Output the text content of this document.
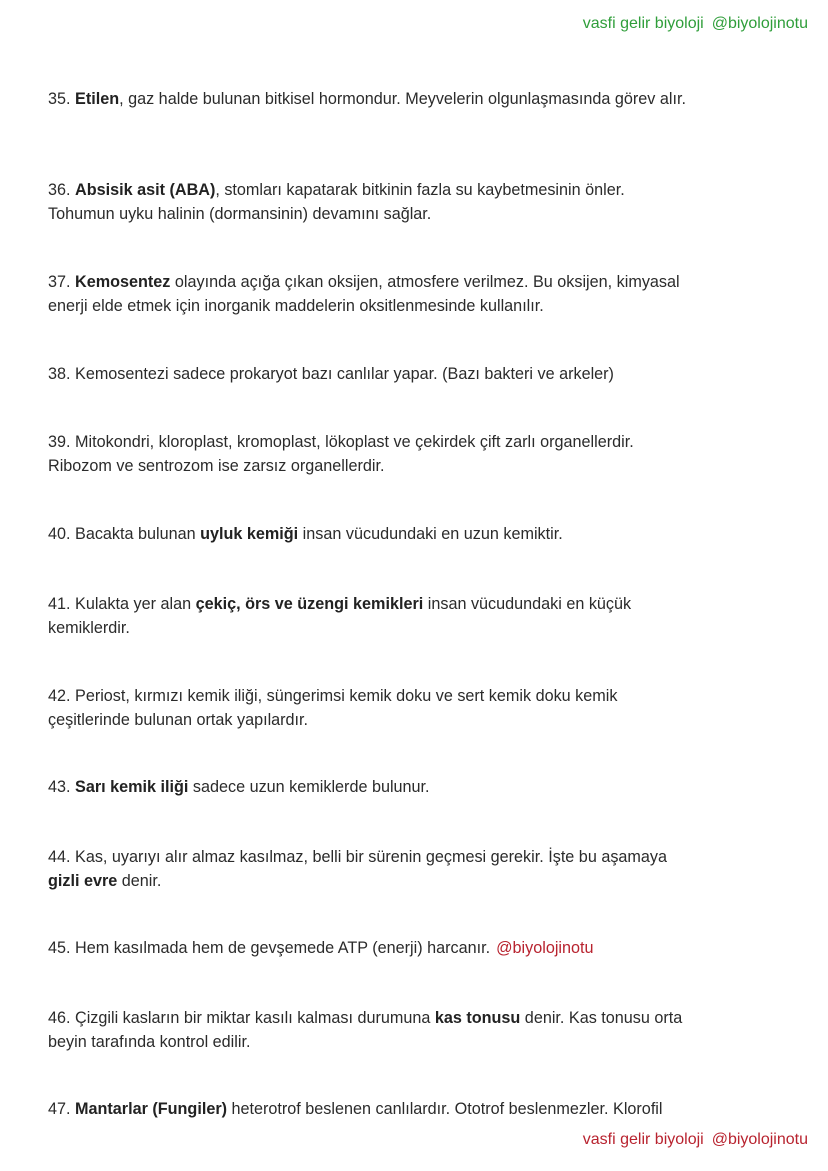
vasfi gelir biyoloji @biyolojinotu

35. Etilen, gaz halde bulunan bitkisel hormondur. Meyvelerin olgunlaşmasında görev alır.

36. Absisik asit (ABA), stomları kapatarak bitkinin fazla su kaybetmesinin önler. Tohumun uyku halinin (dormansinin) devamını sağlar.

37. Kemosentez olayında açığa çıkan oksijen, atmosfere verilmez. Bu oksijen, kimyasal enerji elde etmek için inorganik maddelerin oksitlenmesinde kullanılır.

38. Kemosentezi sadece prokaryot bazı canlılar yapar. (Bazı bakteri ve arkeler)

39. Mitokondri, kloroplast, kromoplast, lökoplast ve çekirdek çift zarlı organellerdir. Ribozom ve sentrozom ise zarsız organellerdir.

40. Bacakta bulunan uyluk kemiği insan vücudundaki en uzun kemiktir.

41. Kulakta yer alan çekiç, örs ve üzengi kemikleri insan vücudundaki en küçük kemiklerdir.

42. Periost, kırmızı kemik iliği, süngerimsi kemik doku ve sert kemik doku kemik çeşitlerinde bulunan ortak yapılardır.

43. Sarı kemik iliği sadece uzun kemiklerde bulunur.

44. Kas, uyarıyı alır almaz kasılmaz, belli bir sürenin geçmesi gerekir. İşte bu aşamaya gizli evre denir.

45. Hem kasılmada hem de gevşemede ATP (enerji) harcanır. @biyolojinotu

46. Çizgili kasların bir miktar kasılı kalması durumuna kas tonusu denir. Kas tonusu orta beyin tarafında kontrol edilir.

47. Mantarlar (Fungiler) heterotrof beslenen canlılardır. Ototrof beslenmezler. Klorofil

vasfi gelir biyoloji @biyolojinotu
